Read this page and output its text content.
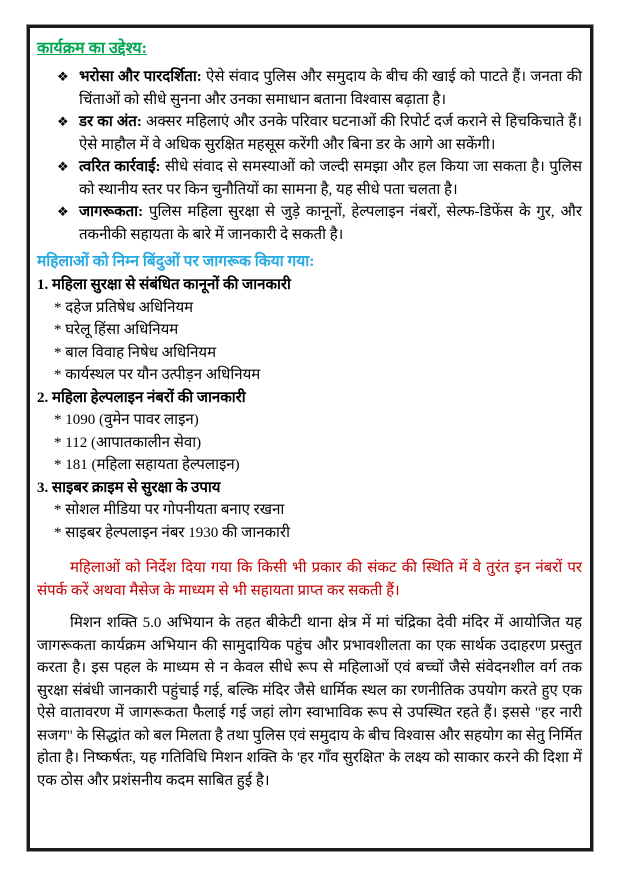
कार्यक्रम का उद्देश्य:
❖ भरोसा और पारदर्शिता: ऐसे संवाद पुलिस और समुदाय के बीच की खाई को पाटते हैं। जनता की चिंताओं को सीधे सुनना और उनका समाधान बताना विश्वास बढ़ाता है।
❖ डर का अंत: अक्सर महिलाएं और उनके परिवार घटनाओं की रिपोर्ट दर्ज कराने से हिचकिचाते हैं। ऐसे माहौल में वे अधिक सुरक्षित महसूस करेंगी और बिना डर के आगे आ सकेंगी।
❖ त्वरित कार्रवाई: सीधे संवाद से समस्याओं को जल्दी समझा और हल किया जा सकता है। पुलिस को स्थानीय स्तर पर किन चुनौतियों का सामना है, यह सीधे पता चलता है।
❖ जागरूकता: पुलिस महिला सुरक्षा से जुड़े कानूनों, हेल्पलाइन नंबरों, सेल्फ-डिफेंस के गुर, और तकनीकी सहायता के बारे में जानकारी दे सकती है।
महिलाओं को निम्न बिंदुओं पर जागरूक किया गया:
1. महिला सुरक्षा से संबंधित कानूनों की जानकारी
* दहेज प्रतिषेध अधिनियम
* घरेलू हिंसा अधिनियम
* बाल विवाह निषेध अधिनियम
* कार्यस्थल पर यौन उत्पीड़न अधिनियम
2. महिला हेल्पलाइन नंबरों की जानकारी
* 1090 (वुमेन पावर लाइन)
* 112 (आपातकालीन सेवा)
* 181 (महिला सहायता हेल्पलाइन)
3. साइबर क्राइम से सुरक्षा के उपाय
* सोशल मीडिया पर गोपनीयता बनाए रखना
* साइबर हेल्पलाइन नंबर 1930 की जानकारी

महिलाओं को निर्देश दिया गया कि किसी भी प्रकार की संकट की स्थिति में वे तुरंत इन नंबरों पर संपर्क करें अथवा मैसेज के माध्यम से भी सहायता प्राप्त कर सकती हैं।

मिशन शक्ति 5.0 अभियान के तहत बीकेटी थाना क्षेत्र में मां चंद्रिका देवी मंदिर में आयोजित यह जागरूकता कार्यक्रम अभियान की सामुदायिक पहुंच और प्रभावशीलता का एक सार्थक उदाहरण प्रस्तुत करता है। इस पहल के माध्यम से न केवल सीधे रूप से महिलाओं एवं बच्चों जैसे संवेदनशील वर्ग तक सुरक्षा संबंधी जानकारी पहुंचाई गई, बल्कि मंदिर जैसे धार्मिक स्थल का रणनीतिक उपयोग करते हुए एक ऐसे वातावरण में जागरूकता फैलाई गई जहां लोग स्वाभाविक रूप से उपस्थित रहते हैं। इससे "हर नारी सजग" के सिद्धांत को बल मिलता है तथा पुलिस एवं समुदाय के बीच विश्वास और सहयोग का सेतु निर्मित होता है। निष्कर्षतः, यह गतिविधि मिशन शक्ति के 'हर गाँव सुरक्षित' के लक्ष्य को साकार करने की दिशा में एक ठोस और प्रशंसनीय कदम साबित हुई है।
